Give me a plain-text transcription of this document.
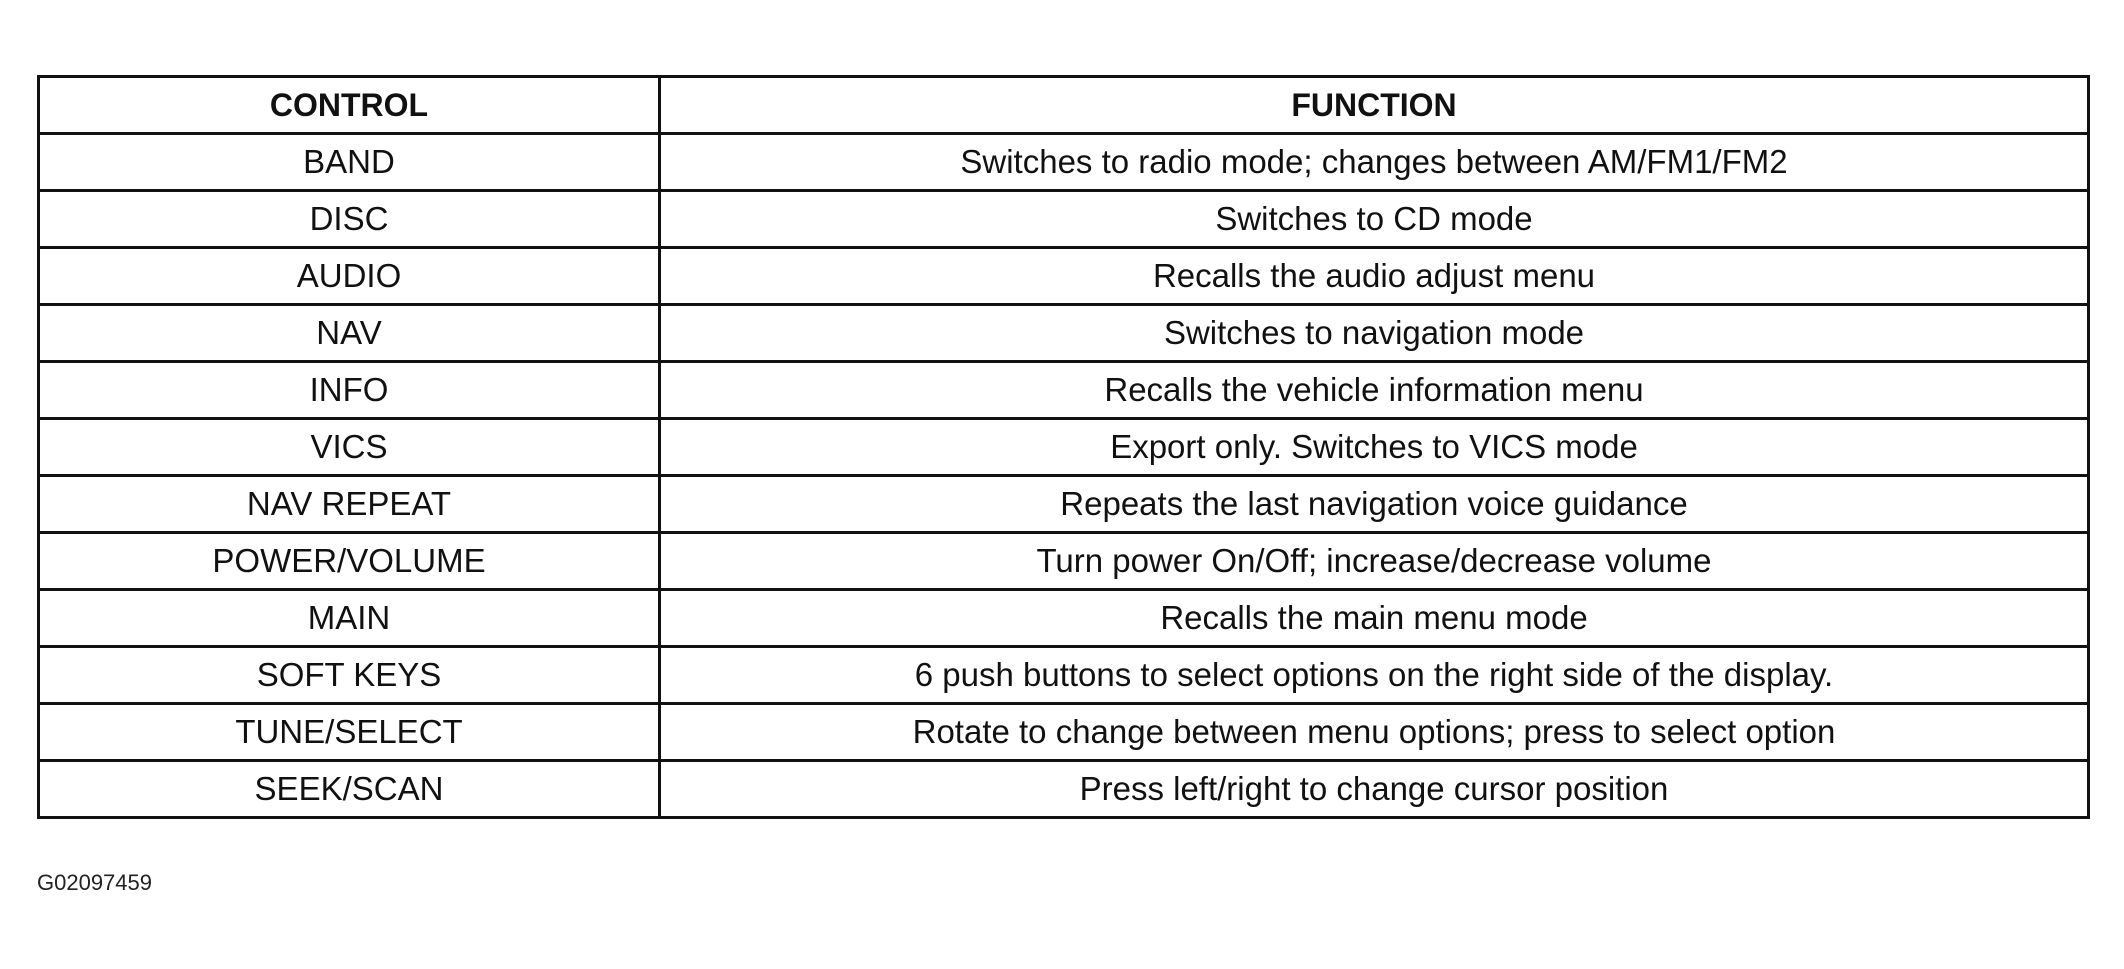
CONTROL	FUNCTION
BAND	Switches to radio mode; changes between AM/FM1/FM2
DISC	Switches to CD mode
AUDIO	Recalls the audio adjust menu
NAV	Switches to navigation mode
INFO	Recalls the vehicle information menu
VICS	Export only. Switches to VICS mode
NAV REPEAT	Repeats the last navigation voice guidance
POWER/VOLUME	Turn power On/Off; increase/decrease volume
MAIN	Recalls the main menu mode
SOFT KEYS	6 push buttons to select options on the right side of the display.
TUNE/SELECT	Rotate to change between menu options; press to select option
SEEK/SCAN	Press left/right to change cursor position
G02097459
